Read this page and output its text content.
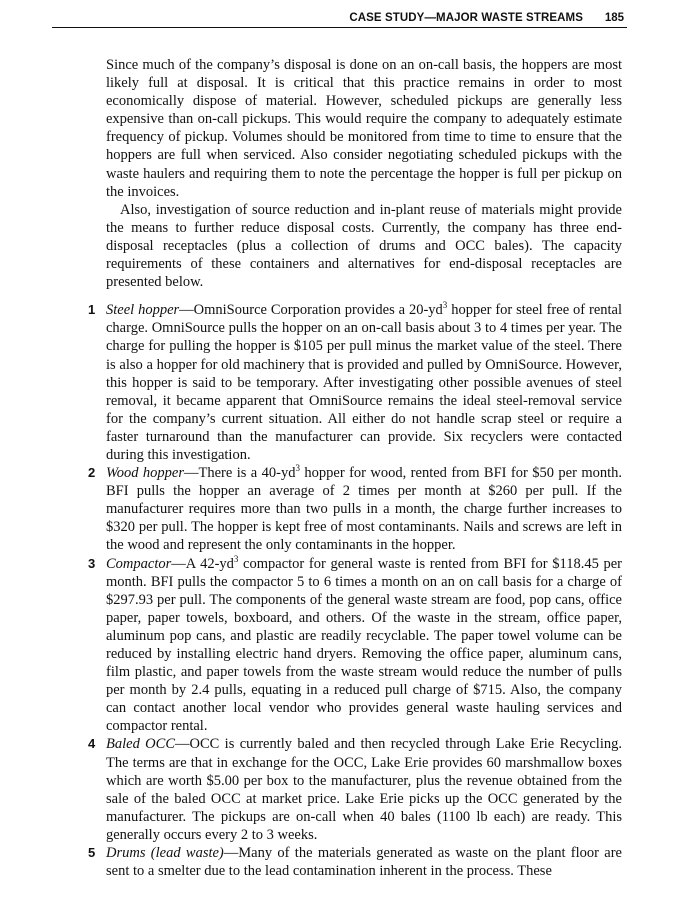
CASE STUDY—MAJOR WASTE STREAMS 185

Since much of the company’s disposal is done on an on-call basis, the hoppers are most likely full at disposal. It is critical that this practice remains in order to most economically dispose of material. However, scheduled pickups are generally less expensive than on-call pickups. This would require the company to adequately estimate frequency of pickup. Volumes should be monitored from time to time to ensure that the hoppers are full when serviced. Also consider negotiating scheduled pickups with the waste haulers and requiring them to note the percentage the hopper is full per pickup on the invoices.

Also, investigation of source reduction and in-plant reuse of materials might provide the means to further reduce disposal costs. Currently, the company has three end-disposal receptacles (plus a collection of drums and OCC bales). The capacity requirements of these containers and alternatives for end-disposal receptacles are presented below.

1 Steel hopper—OmniSource Corporation provides a $20-yd^3$ hopper for steel free of rental charge. OmniSource pulls the hopper on an on-call basis about 3 to 4 times per year. The charge for pulling the hopper is $105 per pull minus the market value of the steel. There is also a hopper for old machinery that is provided and pulled by OmniSource. However, this hopper is said to be temporary. After investigating other possible avenues of steel removal, it became apparent that OmniSource remains the ideal steel-removal service for the company’s current situation. All either do not handle scrap steel or require a faster turnaround than the manufacturer can provide. Six recyclers were contacted during this investigation.
2 Wood hopper—There is a $40-yd^3$ hopper for wood, rented from BFI for $50 per month. BFI pulls the hopper an average of 2 times per month at $260 per pull. If the manufacturer requires more than two pulls in a month, the charge further increases to $320 per pull. The hopper is kept free of most contaminants. Nails and screws are left in the wood and represent the only contaminants in the hopper.
3 Compactor—A $42-yd^3$ compactor for general waste is rented from BFI for $118.45 per month. BFI pulls the compactor 5 to 6 times a month on an on call basis for a charge of $297.93 per pull. The components of the general waste stream are food, pop cans, office paper, paper towels, boxboard, and others. Of the waste in the stream, office paper, aluminum pop cans, and plastic are readily recyclable. The paper towel volume can be reduced by installing electric hand dryers. Removing the office paper, aluminum cans, film plastic, and paper towels from the waste stream would reduce the number of pulls per month by 2.4 pulls, equating in a reduced pull charge of $715. Also, the company can contact another local vendor who provides general waste hauling services and compactor rental.
4 Baled OCC—OCC is currently baled and then recycled through Lake Erie Recycling. The terms are that in exchange for the OCC, Lake Erie provides 60 marshmallow boxes which are worth $5.00 per box to the manufacturer, plus the revenue obtained from the sale of the baled OCC at market price. Lake Erie picks up the OCC generated by the manufacturer. The pickups are on-call when 40 bales (1100 lb each) are ready. This generally occurs every 2 to 3 weeks.
5 Drums (lead waste)—Many of the materials generated as waste on the plant floor are sent to a smelter due to the lead contamination inherent in the process. These
